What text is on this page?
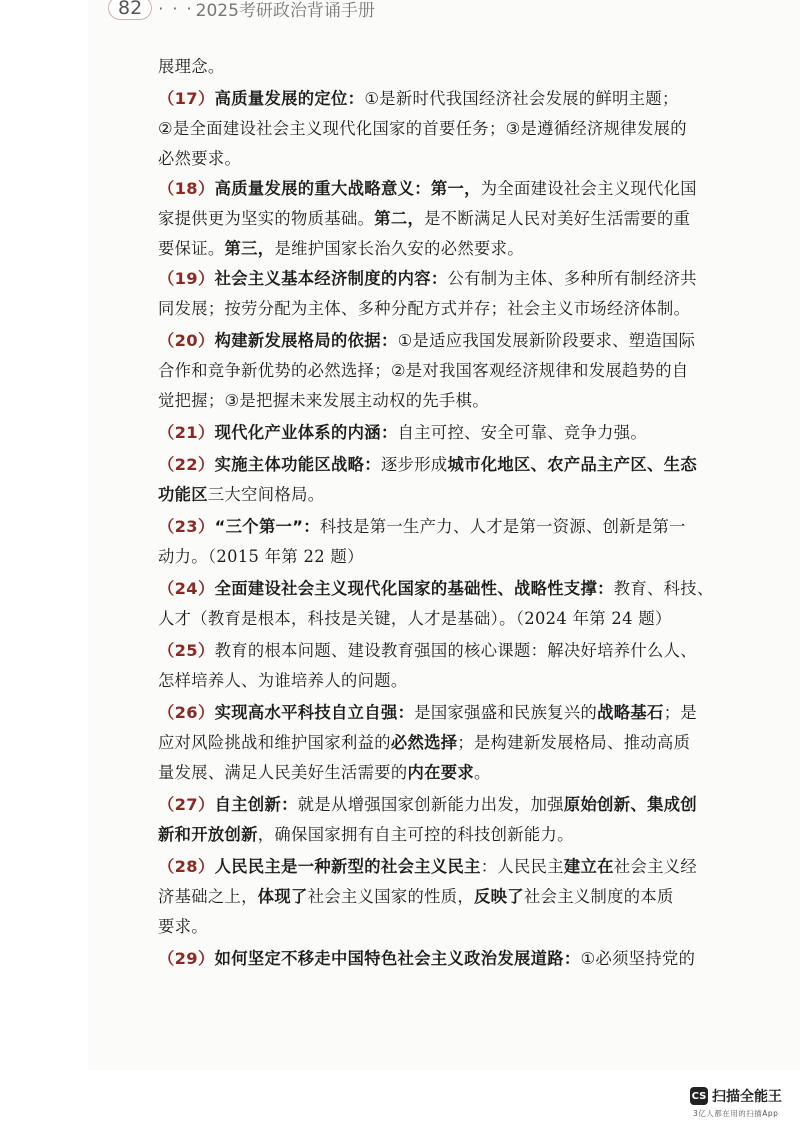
82	· · · 2025考研政治背诵手册
展理念。
（17）高质量发展的定位：①是新时代我国经济社会发展的鲜明主题；
②是全面建设社会主义现代化国家的首要任务；③是遵循经济规律发展的
必然要求。
（18）高质量发展的重大战略意义：第一，为全面建设社会主义现代化国
家提供更为坚实的物质基础。第二，是不断满足人民对美好生活需要的重
要保证。第三，是维护国家长治久安的必然要求。
（19）社会主义基本经济制度的内容：公有制为主体、多种所有制经济共
同发展；按劳分配为主体、多种分配方式并存；社会主义市场经济体制。
（20）构建新发展格局的依据：①是适应我国发展新阶段要求、塑造国际
合作和竞争新优势的必然选择；②是对我国客观经济规律和发展趋势的自
觉把握；③是把握未来发展主动权的先手棋。
（21）现代化产业体系的内涵：自主可控、安全可靠、竞争力强。
（22）实施主体功能区战略：逐步形成城市化地区、农产品主产区、生态
功能区三大空间格局。
（23）“三个第一”：科技是第一生产力、人才是第一资源、创新是第一
动力。（2015 年第 22 题）
（24）全面建设社会主义现代化国家的基础性、战略性支撑：教育、科技、
人才（教育是根本，科技是关键，人才是基础）。（2024 年第 24 题）
（25）教育的根本问题、建设教育强国的核心课题：解决好培养什么人、
怎样培养人、为谁培养人的问题。
（26）实现高水平科技自立自强：是国家强盛和民族复兴的战略基石；是
应对风险挑战和维护国家利益的必然选择；是构建新发展格局、推动高质
量发展、满足人民美好生活需要的内在要求。
（27）自主创新：就是从增强国家创新能力出发，加强原始创新、集成创
新和开放创新，确保国家拥有自主可控的科技创新能力。
（28）人民民主是一种新型的社会主义民主：人民民主建立在社会主义经
济基础之上，体现了社会主义国家的性质，反映了社会主义制度的本质
要求。
（29）如何坚定不移走中国特色社会主义政治发展道路：①必须坚持党的
CS 扫描全能王
3亿人都在用的扫描App
